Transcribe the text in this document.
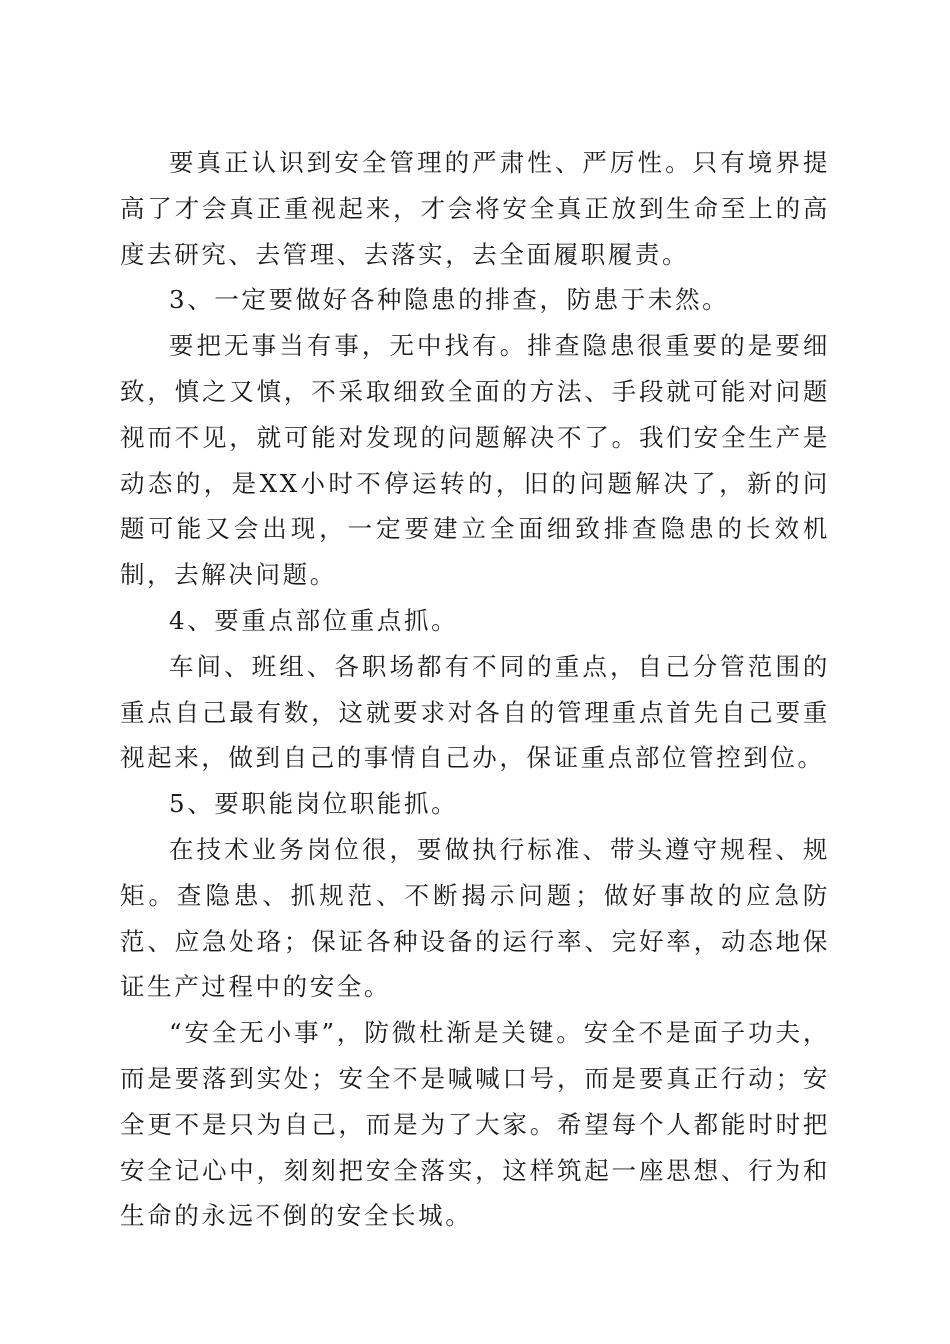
要真正认识到安全管理的严肃性、严厉性。只有境界提高了才会真正重视起来，才会将安全真正放到生命至上的高度去研究、去管理、去落实，去全面履职履责。

3、一定要做好各种隐患的排查，防患于未然。

要把无事当有事，无中找有。排查隐患很重要的是要细致，慎之又慎，不采取细致全面的方法、手段就可能对问题视而不见，就可能对发现的问题解决不了。我们安全生产是动态的，是XX小时不停运转的，旧的问题解决了，新的问题可能又会出现，一定要建立全面细致排查隐患的长效机制，去解决问题。

4、要重点部位重点抓。

车间、班组、各职场都有不同的重点，自己分管范围的重点自己最有数，这就要求对各自的管理重点首先自己要重视起来，做到自己的事情自己办，保证重点部位管控到位。

5、要职能岗位职能抓。

在技术业务岗位很，要做执行标准、带头遵守规程、规矩。查隐患、抓规范、不断揭示问题；做好事故的应急防范、应急处珞；保证各种设备的运行率、完好率，动态地保证生产过程中的安全。

“安全无小事”，防微杜渐是关键。安全不是面子功夫，而是要落到实处；安全不是喊喊口号，而是要真正行动；安全更不是只为自己，而是为了大家。希望每个人都能时时把安全记心中，刻刻把安全落实，这样筑起一座思想、行为和生命的永远不倒的安全长城。
